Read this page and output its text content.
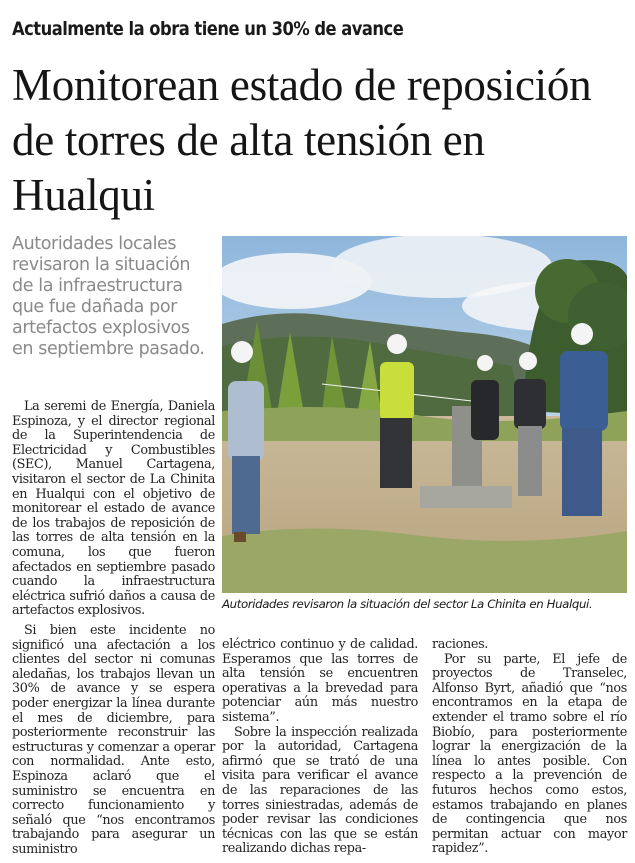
Actualmente la obra tiene un 30% de avance
Monitorean estado de reposición de torres de alta tensión en Hualqui
Autoridades locales revisaron la situación de la infraestructura que fue dañada por artefactos explosivos en septiembre pasado.
Autoridades revisaron la situación del sector La Chinita en Hualqui.

La seremi de Energía, Daniela Espinoza, y el director regional de la Superintendencia de Electricidad y Combustibles (SEC), Manuel Cartagena, visitaron el sector de La Chinita en Hualqui con el objetivo de monitorear el estado de avance de los trabajos de reposición de las torres de alta tensión en la comuna, los que fueron afectados en septiembre pasado cuando la infraestructura eléctrica sufrió daños a causa de artefactos explosivos.

Si bien este incidente no significó una afectación a los clientes del sector ni comunas aledañas, los trabajos llevan un 30% de avance y se espera poder energizar la línea durante el mes de diciembre, para posteriormente reconstruir las estructuras y comenzar a operar con normalidad. Ante esto, Espinoza aclaró que el suministro se encuentra en correcto funcionamiento y señaló que “nos encontramos trabajando para asegurar un suministro

eléctrico continuo y de calidad. Esperamos que las torres de alta tensión se encuentren operativas a la brevedad para potenciar aún más nuestro sistema”.

Sobre la inspección realizada por la autoridad, Cartagena afirmó que se trató de una visita para verificar el avance de las reparaciones de las torres siniestradas, además de poder revisar las condiciones técnicas con las que se están realizando dichas repa-

raciones.

Por su parte, El jefe de proyectos de Transelec, Alfonso Byrt, añadió que “nos encontramos en la etapa de extender el tramo sobre el río Biobío, para posteriormente lograr la energización de la línea lo antes posible. Con respecto a la prevención de futuros hechos como estos, estamos trabajando en planes de contingencia que nos permitan actuar con mayor rapidez”.
